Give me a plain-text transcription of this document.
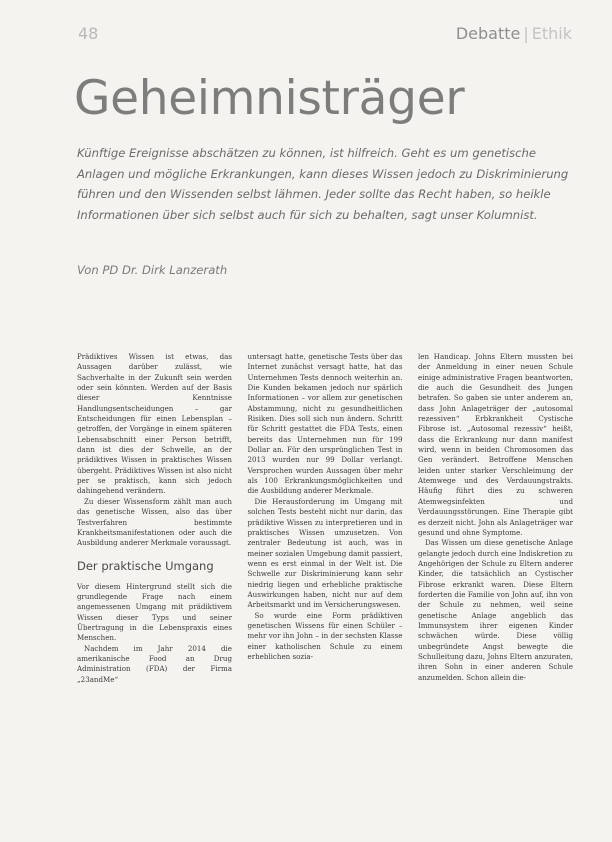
48	Debatte | Ethik
Geheimnisträger

Künftige Ereignisse abschätzen zu können, ist hilfreich. Geht es um genetische Anlagen und mögliche Erkrankungen, kann dieses Wissen jedoch zu Diskriminierung führen und den Wissenden selbst lähmen. Jeder sollte das Recht haben, so heikle Informationen über sich selbst auch für sich zu behalten, sagt unser Kolumnist.

Von PD Dr. Dirk Lanzerath

Prädiktives Wissen ist etwas, das Aussagen darüber zulässt, wie Sachverhalte in der Zukunft sein werden oder sein könnten. Werden auf der Basis dieser Kenntnisse Handlungsentscheidungen – gar Entscheidungen für einen Lebensplan – getroffen, der Vorgänge in einem späteren Lebensabschnitt einer Person betrifft, dann ist dies der Schwelle, an der prädiktives Wissen in praktisches Wissen übergeht. Prädiktives Wissen ist also nicht per se praktisch, kann sich jedoch dahingehend verändern.

Zu dieser Wissensform zählt man auch das genetische Wissen, also das über Testverfahren bestimmte Krankheitsmanifestationen oder auch die Ausbildung anderer Merkmale voraussagt.

Der praktische Umgang

Vor diesem Hintergrund stellt sich die grundlegende Frage nach einem angemessenen Umgang mit prädiktivem Wissen dieser Typs und seiner Übertragung in die Lebenspraxis eines Menschen.

Nachdem im Jahr 2014 die amerikanische Food an Drug Administration (FDA) der Firma „23andMe“

untersagt hatte, genetische Tests über das Internet zunächst versagt hatte, hat das Unternehmen Tests dennoch weiterhin an. Die Kunden bekamen jedoch nur spärlich Informationen – vor allem zur genetischen Abstammung, nicht zu gesundheitlichen Risiken. Dies soll sich nun ändern. Schritt für Schritt gestattet die FDA Tests, einen bereits das Unternehmen nun für 199 Dollar an. Für den ursprünglichen Test in 2013 wurden nur 99 Dollar verlangt. Versprochen wurden Aussagen über mehr als 100 Erkrankungsmöglichkeiten und die Ausbildung anderer Merkmale.

Die Herausforderung im Umgang mit solchen Tests besteht nicht nur darin, das prädiktive Wissen zu interpretieren und in praktisches Wissen umzusetzen. Von zentraler Bedeutung ist auch, was in meiner sozialen Umgebung damit passiert, wenn es erst einmal in der Welt ist. Die Schwelle zur Diskriminierung kann sehr niedrig liegen und erhebliche praktische Auswirkungen haben, nicht nur auf dem Arbeitsmarkt und im Versicherungswesen.

So wurde eine Form prädiktiven genetischen Wissens für einen Schüler – mehr vor ihn John – in der sechsten Klasse einer katholischen Schule zu einem erheblichen sozia-

len Handicap. Johns Eltern mussten bei der Anmeldung in einer neuen Schule einige administrative Fragen beantworten, die auch die Gesundheit des Jungen betrafen. So gaben sie unter anderem an, dass John Anlageträger der „autosomal rezessiven“ Erbkrankheit Cystische Fibrose ist. „Autosomal rezessiv“ heißt, dass die Erkrankung nur dann manifest wird, wenn in beiden Chromosomen das Gen verändert. Betroffene Menschen leiden unter starker Verschleimung der Atemwege und des Verdauungstrakts. Häufig führt dies zu schweren Atemwegsinfekten und Verdauungsstörungen. Eine Therapie gibt es derzeit nicht. John als Anlageträger war gesund und ohne Symptome.

Das Wissen um diese genetische Anlage gelangte jedoch durch eine Indiskretion zu Angehörigen der Schule zu Eltern anderer Kinder, die tatsächlich an Cystischer Fibrose erkrankt waren. Diese Eltern forderten die Familie von John auf, ihn von der Schule zu nehmen, weil seine genetische Anlage angeblich das Immunsystem ihrer eigenen Kinder schwächen würde. Diese völlig unbegründete Angst bewegte die Schulleitung dazu, Johns Eltern anzuraten, ihren Sohn in einer anderen Schule anzumelden. Schon allein die-
